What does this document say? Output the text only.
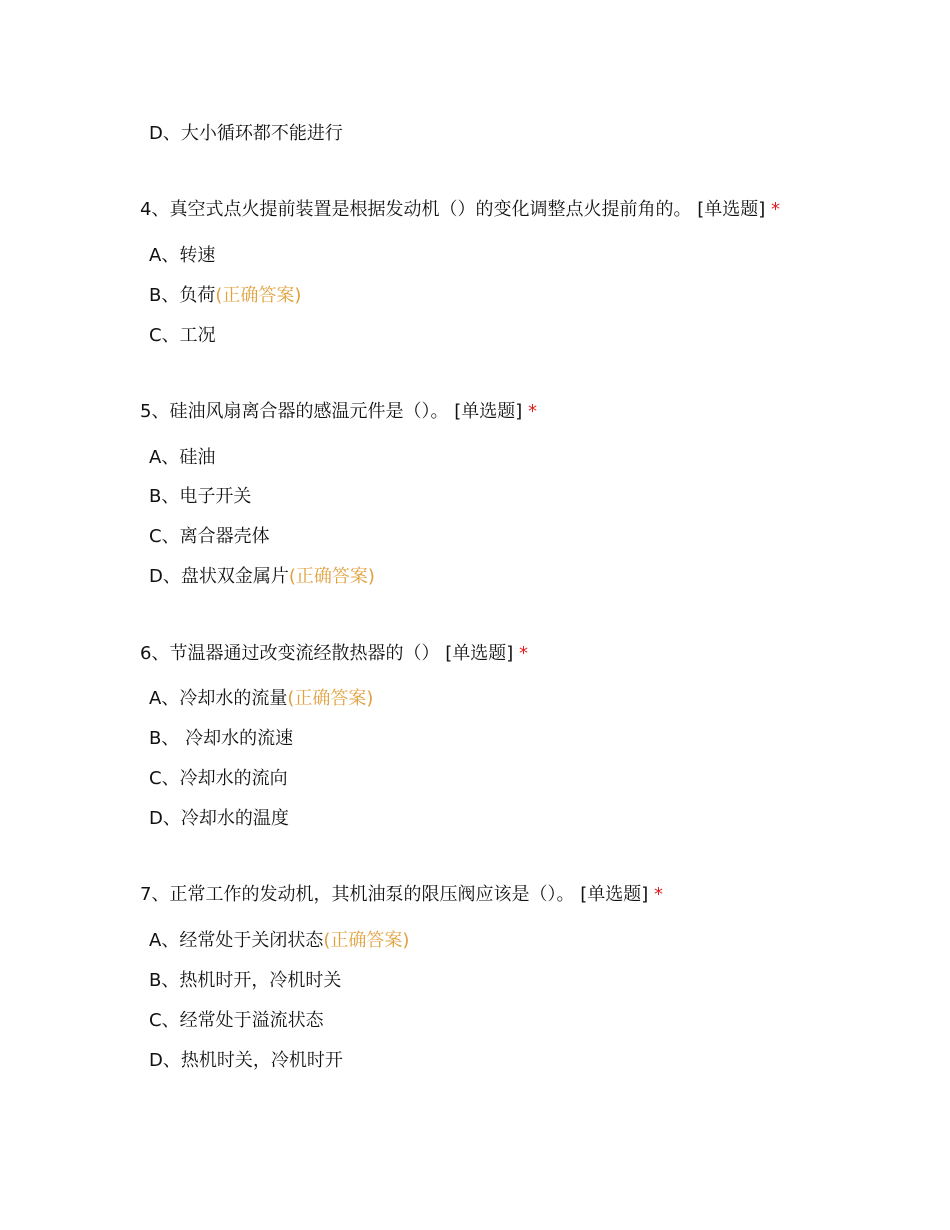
D、大小循环都不能进行
4、真空式点火提前装置是根据发动机（）的变化调整点火提前角的。 [单选题] *
A、转速
B、负荷(正确答案)
C、工况
5、硅油风扇离合器的感温元件是（）。 [单选题] *
A、硅油
B、电子开关
C、离合器壳体
D、盘状双金属片(正确答案)
6、节温器通过改变流经散热器的（） [单选题] *
A、冷却水的流量(正确答案)
B、 冷却水的流速
C、冷却水的流向
D、冷却水的温度
7、正常工作的发动机，其机油泵的限压阀应该是（）。 [单选题] *
A、经常处于关闭状态(正确答案)
B、热机时开，冷机时关
C、经常处于溢流状态
D、热机时关，冷机时开
